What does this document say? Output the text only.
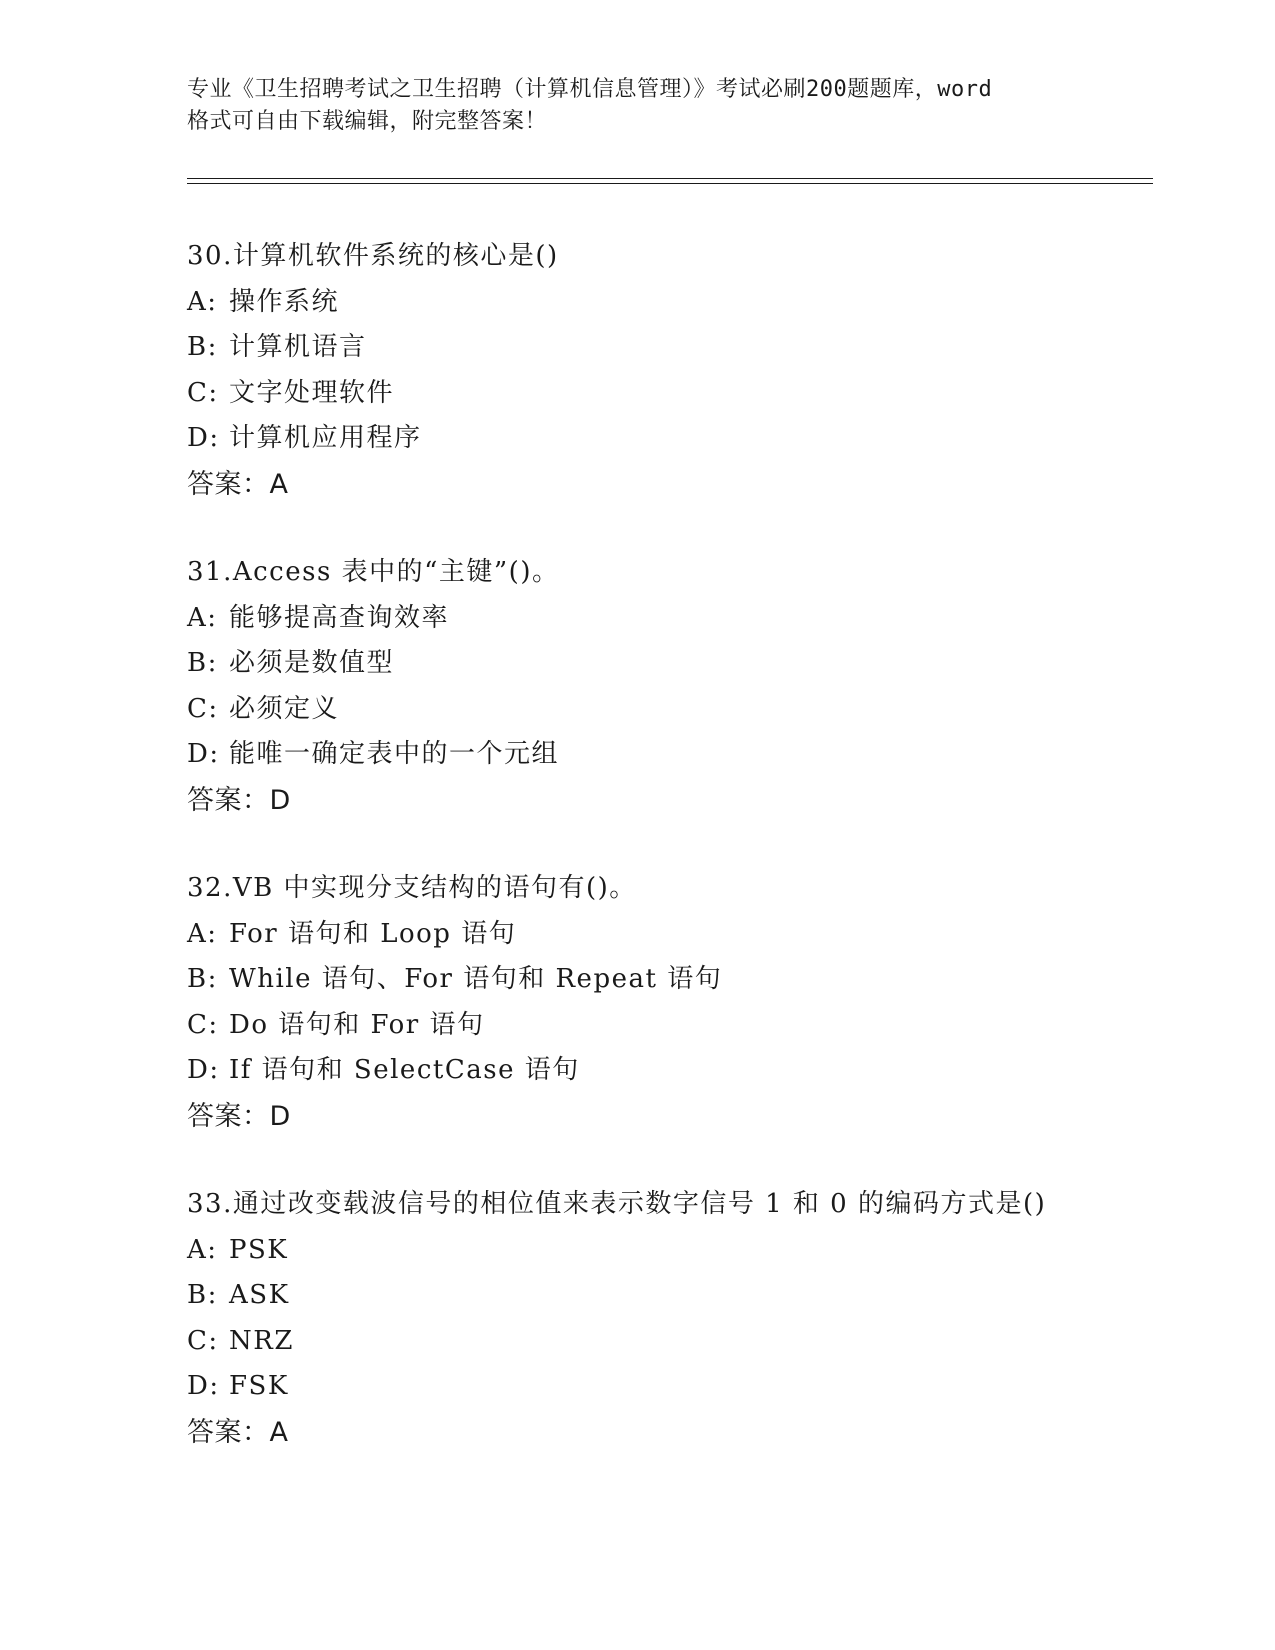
专业《卫生招聘考试之卫生招聘（计算机信息管理）》考试必刷200题题库，word
格式可自由下载编辑，附完整答案！
30.计算机软件系统的核心是()
A: 操作系统
B: 计算机语言
C: 文字处理软件
D: 计算机应用程序
答案：A
31.Access 表中的“主键”()。
A: 能够提高查询效率
B: 必须是数值型
C: 必须定义
D: 能唯一确定表中的一个元组
答案：D
32.VB 中实现分支结构的语句有()。
A: For 语句和 Loop 语句
B: While 语句、For 语句和 Repeat 语句
C: Do 语句和 For 语句
D: If 语句和 SelectCase 语句
答案：D
33.通过改变载波信号的相位值来表示数字信号 1 和 0 的编码方式是()
A: PSK
B: ASK
C: NRZ
D: FSK
答案：A
